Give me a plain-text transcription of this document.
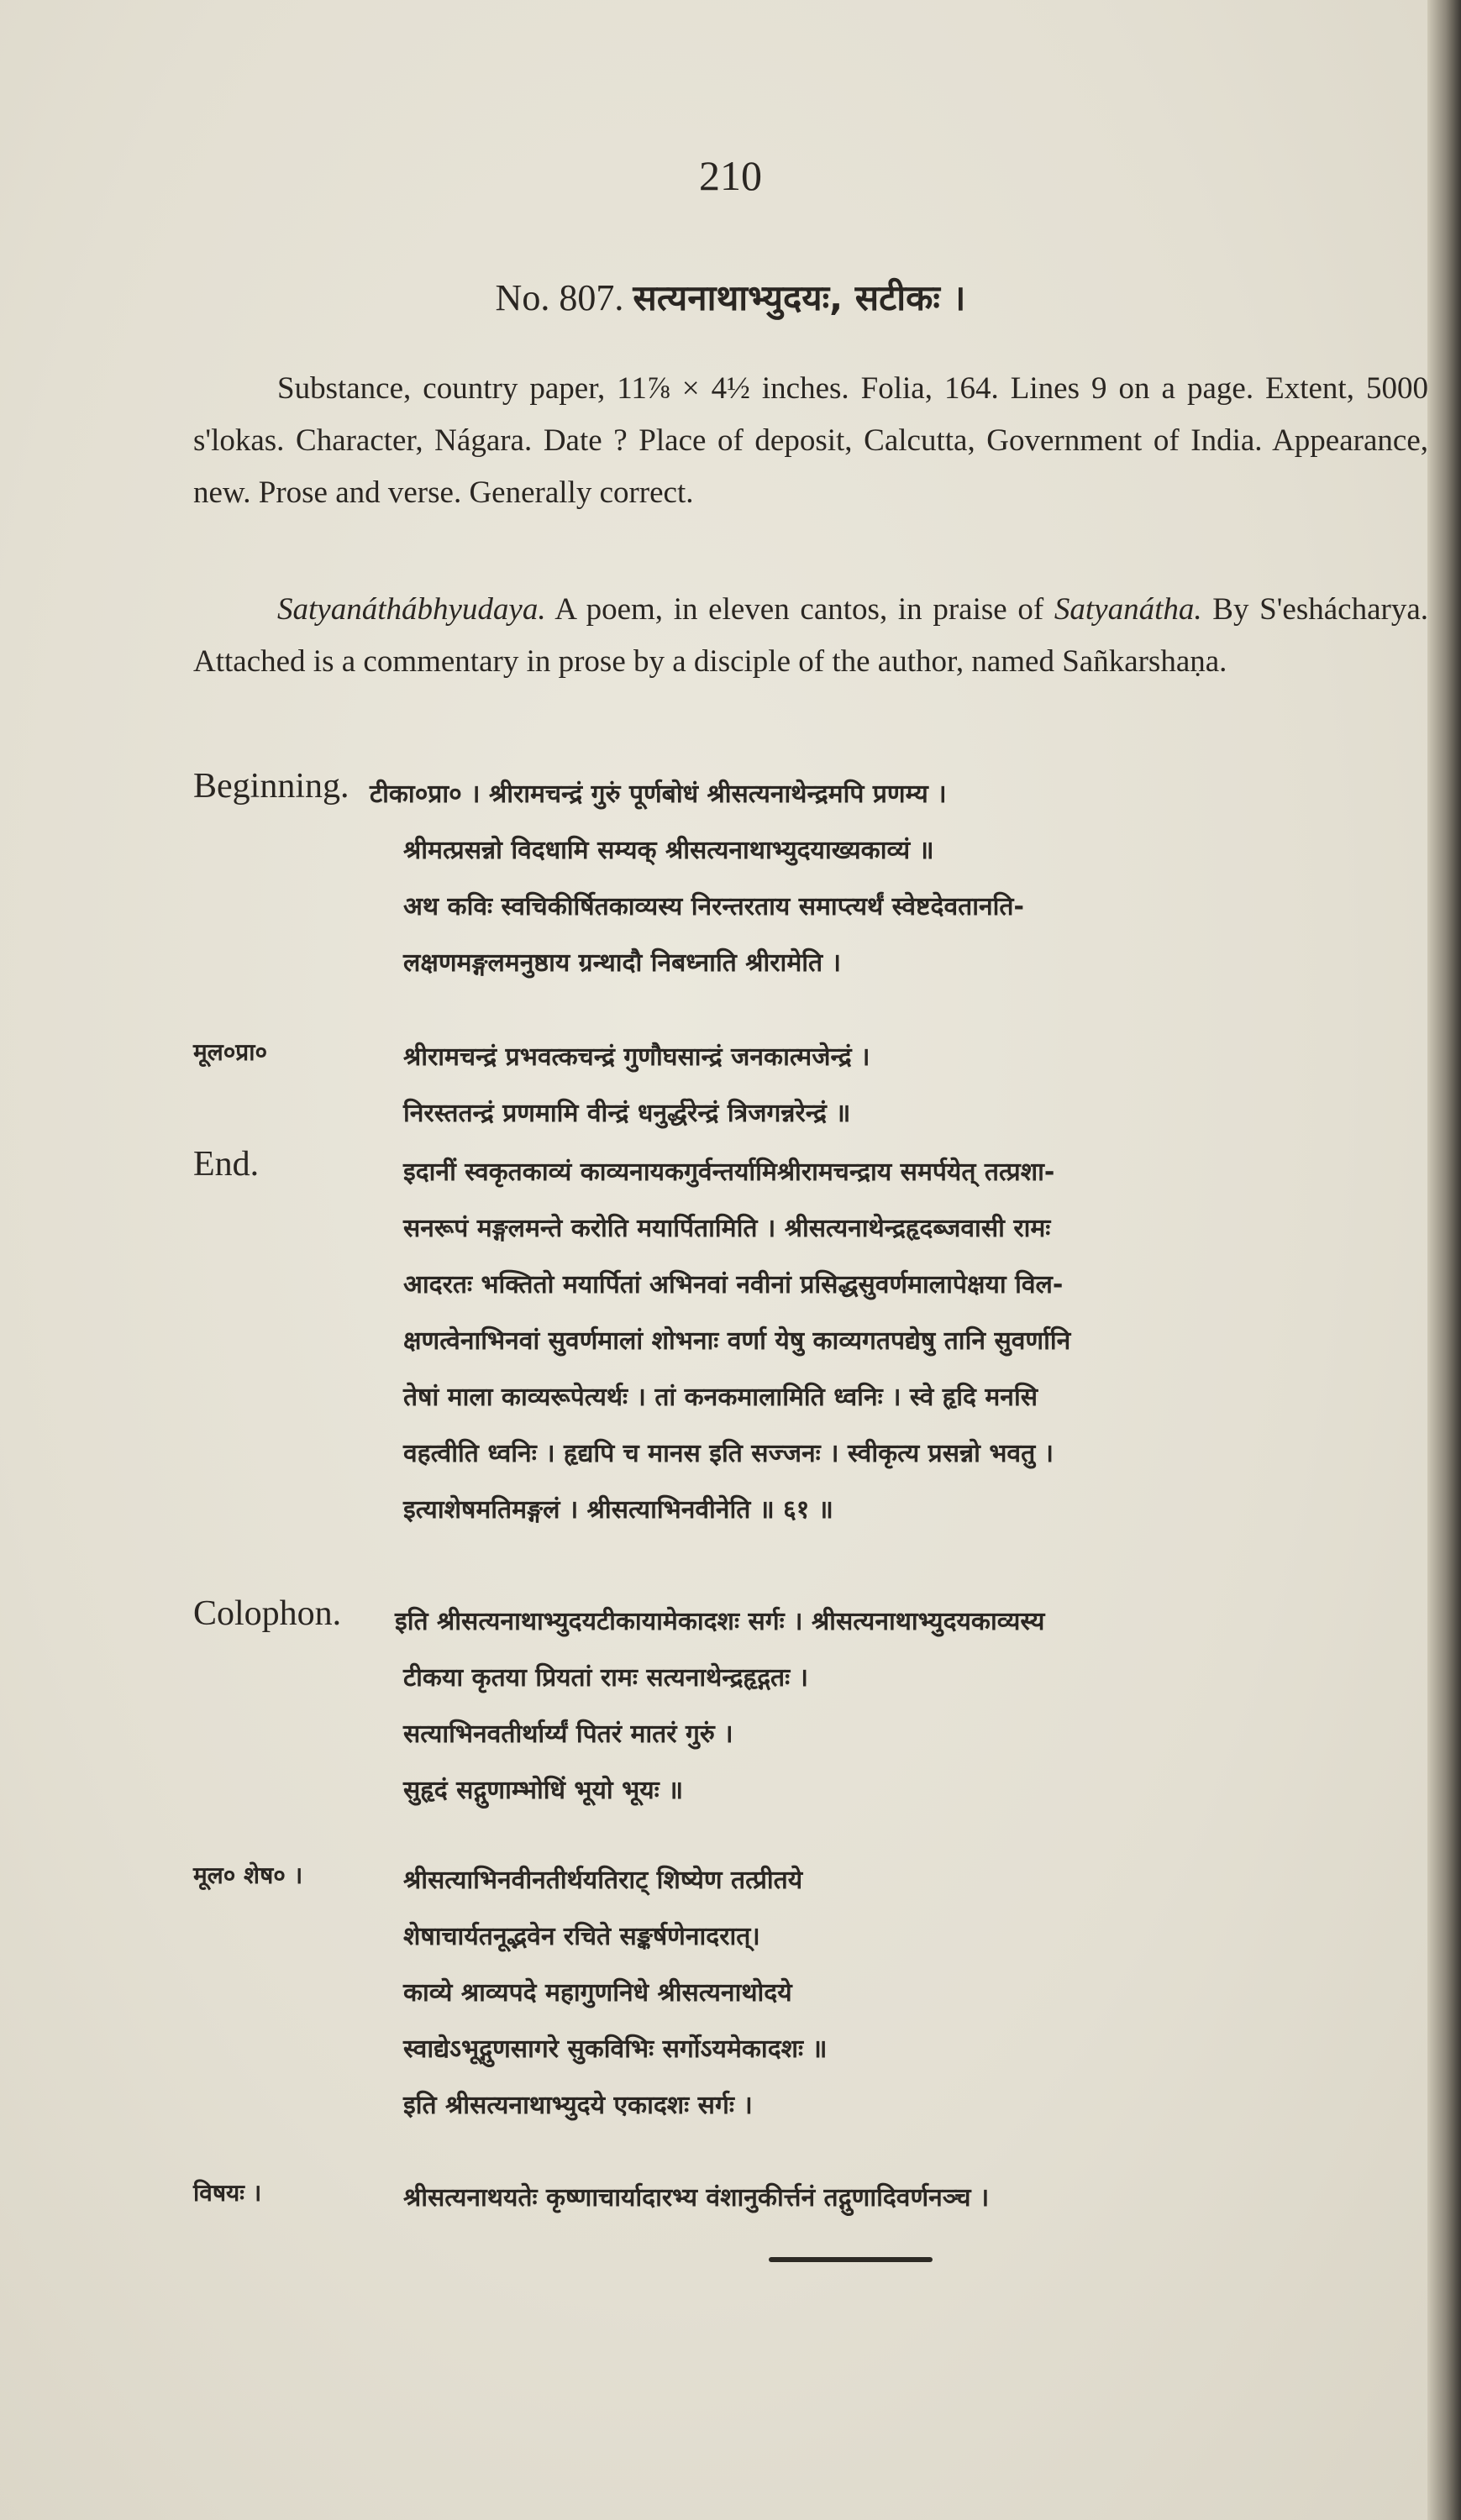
210
No. 807. सत्यनाथाभ्युदयः, सटीकः ।
Substance, country paper, 11⅞ × 4½ inches. Folia, 164. Lines 9 on a page. Extent, 5000 s'lokas. Character, Nágara. Date ? Place of deposit, Calcutta, Government of India. Appearance, new. Prose and verse. Generally correct.
Satyanáthábhyudaya. A poem, in eleven cantos, in praise of Satyanátha. By S'eshácharya. Attached is a commentary in prose by a disciple of the author, named Sañkarshaṇa.
Beginning. टीका०प्रा० । श्रीरामचन्द्रं गुरुं पूर्णबोधं श्रीसत्यनाथेन्द्रमपि प्रणम्य ।
श्रीमत्प्रसन्नो विदधामि सम्यक् श्रीसत्यनाथाभ्युदयाख्यकाव्यं ॥
अथ कविः स्वचिकीर्षितकाव्यस्य निरन्तरताय समाप्त्यर्थं स्वेष्टदेवतानति-
लक्षणमङ्गलमनुष्ठाय ग्रन्थादौ निबध्नाति श्रीरामेति ।
मूल०प्रा०	श्रीरामचन्द्रं प्रभवत्कचन्द्रं गुणौघसान्द्रं जनकात्मजेन्द्रं ।
निरस्ततन्द्रं प्रणमामि वीन्द्रं धनुर्द्धरेन्द्रं त्रिजगन्नरेन्द्रं ॥
End.	इदानीं स्वकृतकाव्यं काव्यनायकगुर्वन्तर्यामिश्रीरामचन्द्राय समर्पयेत् तत्प्रशा-
सनरूपं मङ्गलमन्ते करोति मयार्पितामिति । श्रीसत्यनाथेन्द्रहृदब्जवासी रामः
आदरतः भक्तितो मयार्पितां अभिनवां नवीनां प्रसिद्धसुवर्णमालापेक्षया विल-
क्षणत्वेनाभिनवां सुवर्णमालां शोभनाः वर्णा येषु काव्यगतपद्येषु तानि सुवर्णानि
तेषां माला काव्यरूपेत्यर्थः । तां कनकमालामिति ध्वनिः । स्वे हृदि मनसि
वहत्वीति ध्वनिः । हृद्यपि च मानस इति सज्जनः । स्वीकृत्य प्रसन्नो भवतु ।
इत्याशेषमतिमङ्गलं । श्रीसत्याभिनवीनेति ॥ ६१ ॥
Colophon. इति श्रीसत्यनाथाभ्युदयटीकायामेकादशः सर्गः । श्रीसत्यनाथाभ्युदयकाव्यस्य
टीकया कृतया प्रियतां रामः सत्यनाथेन्द्रहृद्गतः ।
सत्याभिनवतीर्थार्य्यं पितरं मातरं गुरुं ।
सुहृदं सद्गुणाम्भोधिं भूयो भूयः ॥
मूल० शेष० ।	श्रीसत्याभिनवीनतीर्थयतिराट् शिष्येण तत्प्रीतये
शेषाचार्यतनूद्भवेन रचिते सङ्कर्षणेनादरात्।
काव्ये श्राव्यपदे महागुणनिधे श्रीसत्यनाथोदये
स्वाद्येऽभूद्गुणसागरे सुकविभिः सर्गोऽयमेकादशः ॥
इति श्रीसत्यनाथाभ्युदये एकादशः सर्गः ।
विषयः ।	श्रीसत्यनाथयतेः कृष्णाचार्यादारभ्य वंशानुकीर्त्तनं तद्गुणादिवर्णनञ्च ।
